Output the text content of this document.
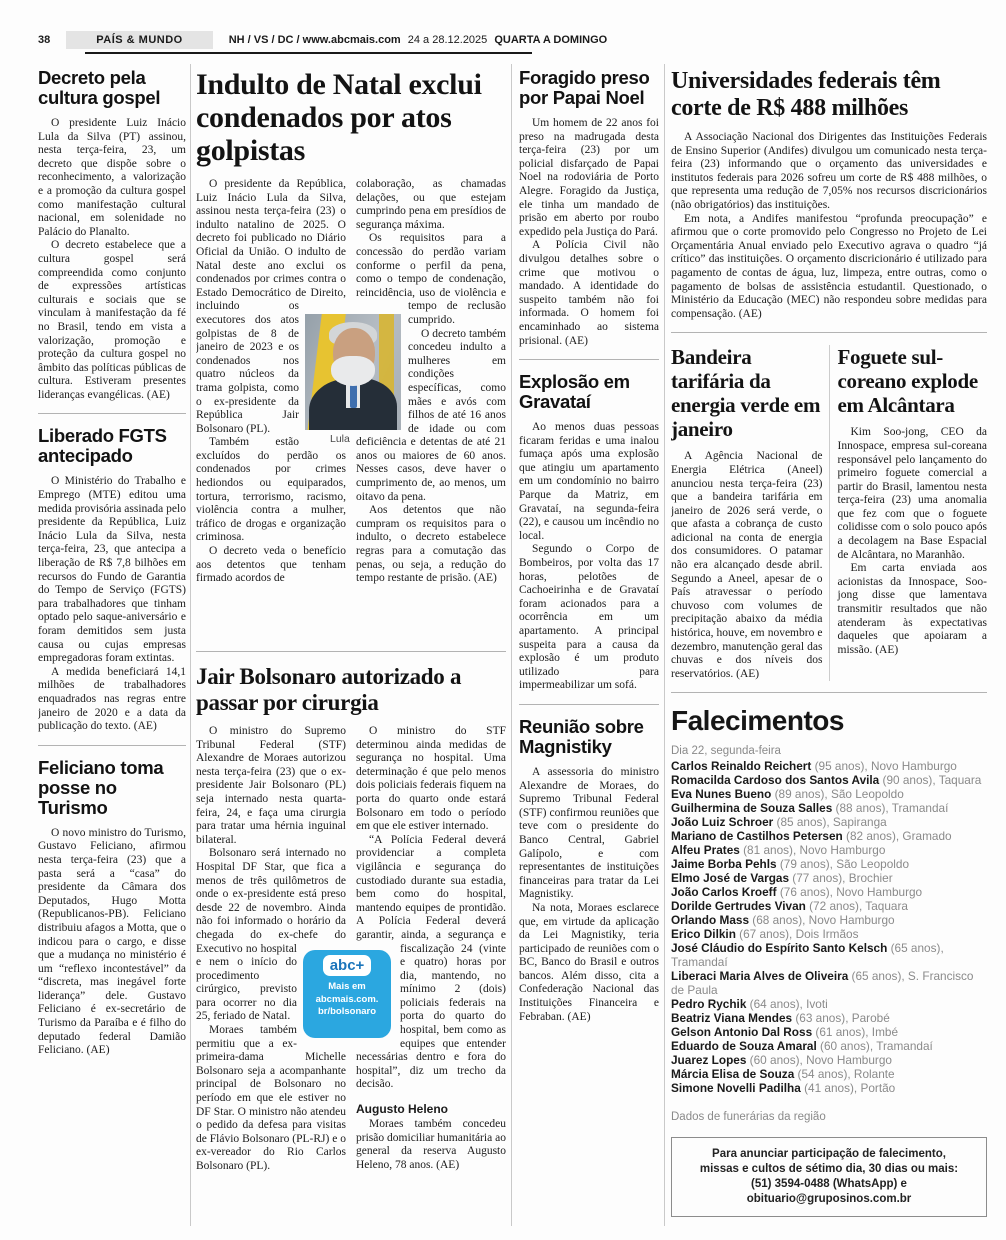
38	PAÍS & MUNDO	NH / VS / DC / www.abcmais.com 24 a 28.12.2025 QUARTA A DOMINGO
Decreto pela cultura gospel

O presidente Luiz Inácio Lula da Silva (PT) assinou, nesta terça-feira, 23, um decreto que dispõe sobre o reconhecimento, a valorização e a promoção da cultura gospel como manifestação cultural nacional, em solenidade no Palácio do Planalto.

O decreto estabelece que a cultura gospel será compreendida como conjunto de expressões artísticas culturais e sociais que se vinculam à manifestação da fé no Brasil, tendo em vista a valorização, promoção e proteção da cultura gospel no âmbito das políticas públicas de cultura. Estiveram presentes lideranças evangélicas. (AE)

Liberado FGTS antecipado

O Ministério do Trabalho e Emprego (MTE) editou uma medida provisória assinada pelo presidente da República, Luiz Inácio Lula da Silva, nesta terça-feira, 23, que antecipa a liberação de R$ 7,8 bilhões em recursos do Fundo de Garantia do Tempo de Serviço (FGTS) para trabalhadores que tinham optado pelo saque-aniversário e foram demitidos sem justa causa ou cujas empresas empregadoras foram extintas.

A medida beneficiará 14,1 milhões de trabalhadores enquadrados nas regras entre janeiro de 2020 e a data da publicação do texto. (AE)

Feliciano toma posse no Turismo

O novo ministro do Turismo, Gustavo Feliciano, afirmou nesta terça-feira (23) que a pasta será a “casa” do presidente da Câmara dos Deputados, Hugo Motta (Republicanos-PB). Feliciano distribuiu afagos a Motta, que o indicou para o cargo, e disse que a mudança no ministério é um “reflexo incontestável” da “discreta, mas inegável forte liderança” dele. Gustavo Feliciano é ex-secretário de Turismo da Paraíba e é filho do deputado federal Damião Feliciano. (AE)

Indulto de Natal exclui condenados por atos golpistas

O presidente da República, Luiz Inácio Lula da Silva, assinou nesta terça-feira (23) o indulto natalino de 2025. O decreto foi publicado no Diário Oficial da União. O indulto de Natal deste ano exclui os condenados por crimes contra o Estado Democrático de Direito, incluindo os executores dos atos golpistas de 8 de janeiro de 2023 e os condenados nos quatro núcleos da trama golpista, como o ex-presidente da República Jair Bolsonaro (PL).

Também estão excluídos do perdão os condenados por crimes hediondos ou equiparados, tortura, terrorismo, racismo, violência contra a mulher, tráfico de drogas e organização criminosa.

O decreto veda o benefício aos detentos que tenham firmado acordos de

colaboração, as chamadas delações, ou que estejam cumprindo pena em presídios de segurança máxima.

Os requisitos para a concessão do perdão variam conforme o perfil da pena, como o tempo de condenação, reincidência, uso de violência e tempo de reclusão cumprido.

O decreto também concedeu indulto a mulheres em condições específicas, como mães e avós com filhos de até 16 anos de idade ou com deficiência e detentas de até 21 anos ou maiores de 60 anos. Nesses casos, deve haver o cumprimento de, ao menos, um oitavo da pena.

Aos detentos que não cumpram os requisitos para o indulto, o decreto estabelece regras para a comutação das penas, ou seja, a redução do tempo restante de prisão. (AE)

Lula
Jair Bolsonaro autorizado a passar por cirurgia

O ministro do Supremo Tribunal Federal (STF) Alexandre de Moraes autorizou nesta terça-feira (23) que o ex-presidente Jair Bolsonaro (PL) seja internado nesta quarta-feira, 24, e faça uma cirurgia para tratar uma hérnia inguinal bilateral.

Bolsonaro será internado no Hospital DF Star, que fica a menos de três quilômetros de onde o ex-presidente está preso desde 22 de novembro. Ainda não foi informado o horário da chegada do ex-chefe do Executivo no hospital e nem o início do procedimento cirúrgico, previsto para ocorrer no dia 25, feriado de Natal.

Moraes também permitiu que a ex-primeira-dama Michelle Bolsonaro seja a acompanhante principal de Bolsonaro no período em que ele estiver no DF Star. O ministro não atendeu o pedido da defesa para visitas de Flávio Bolsonaro (PL-RJ) e o ex-vereador do Rio Carlos Bolsonaro (PL).

O ministro do STF determinou ainda medidas de segurança no hospital. Uma determinação é que pelo menos dois policiais federais fiquem na porta do quarto onde estará Bolsonaro em todo o período em que ele estiver internado.

“A Polícia Federal deverá providenciar a completa vigilância e segurança do custodiado durante sua estadia, bem como do hospital, mantendo equipes de prontidão. A Polícia Federal deverá garantir, ainda, a segurança e fiscalização 24 (vinte e quatro) horas por dia, mantendo, no mínimo 2 (dois) policiais federais na porta do quarto do hospital, bem como as equipes que entender necessárias dentro e fora do hospital”, diz um trecho da decisão.

Augusto Heleno

Moraes também concedeu prisão domiciliar humanitária ao general da reserva Augusto Heleno, 78 anos. (AE)

abc+
Mais em
abcmais.com.
br/bolsonaro
Foragido preso por Papai Noel

Um homem de 22 anos foi preso na madrugada desta terça-feira (23) por um policial disfarçado de Papai Noel na rodoviária de Porto Alegre. Foragido da Justiça, ele tinha um mandado de prisão em aberto por roubo expedido pela Justiça do Pará.

A Polícia Civil não divulgou detalhes sobre o crime que motivou o mandado. A identidade do suspeito também não foi informada. O homem foi encaminhado ao sistema prisional. (AE)

Explosão em Gravataí

Ao menos duas pessoas ficaram feridas e uma inalou fumaça após uma explosão que atingiu um apartamento em um condomínio no bairro Parque da Matriz, em Gravataí, na segunda-feira (22), e causou um incêndio no local.

Segundo o Corpo de Bombeiros, por volta das 17 horas, pelotões de Cachoeirinha e de Gravataí foram acionados para a ocorrência em um apartamento. A principal suspeita para a causa da explosão é um produto utilizado para impermeabilizar um sofá.

Reunião sobre Magnistiky

A assessoria do ministro Alexandre de Moraes, do Supremo Tribunal Federal (STF) confirmou reuniões que teve com o presidente do Banco Central, Gabriel Galípolo, e com representantes de instituições financeiras para tratar da Lei Magnistiky.

Na nota, Moraes esclarece que, em virtude da aplicação da Lei Magnistiky, teria participado de reuniões com o BC, Banco do Brasil e outros bancos. Além disso, cita a Confederação Nacional das Instituições Financeira e Febraban. (AE)

Universidades federais têm corte de R$ 488 milhões

A Associação Nacional dos Dirigentes das Instituições Federais de Ensino Superior (Andifes) divulgou um comunicado nesta terça-feira (23) informando que o orçamento das universidades e institutos federais para 2026 sofreu um corte de R$ 488 milhões, o que representa uma redução de 7,05% nos recursos discricionários (não obrigatórios) das instituições.

Em nota, a Andifes manifestou “profunda preocupação” e afirmou que o corte promovido pelo Congresso no Projeto de Lei Orçamentária Anual enviado pelo Executivo agrava o quadro “já crítico” das instituições. O orçamento discricionário é utilizado para pagamento de contas de água, luz, limpeza, entre outras, como o pagamento de bolsas de assistência estudantil. Questionado, o Ministério da Educação (MEC) não respondeu sobre medidas para compensação. (AE)

Bandeira tarifária da energia verde em janeiro

A Agência Nacional de Energia Elétrica (Aneel) anunciou nesta terça-feira (23) que a bandeira tarifária em janeiro de 2026 será verde, o que afasta a cobrança de custo adicional na conta de energia dos consumidores. O patamar não era alcançado desde abril. Segundo a Aneel, apesar de o País atravessar o período chuvoso com volumes de precipitação abaixo da média histórica, houve, em novembro e dezembro, manutenção geral das chuvas e dos níveis dos reservatórios. (AE)

Foguete sul-coreano explode em Alcântara

Kim Soo-jong, CEO da Innospace, empresa sul-coreana responsável pelo lançamento do primeiro foguete comercial a partir do Brasil, lamentou nesta terça-feira (23) uma anomalia que fez com que o foguete colidisse com o solo pouco após a decolagem na Base Espacial de Alcântara, no Maranhão.

Em carta enviada aos acionistas da Innospace, Soo-jong disse que lamentava transmitir resultados que não atenderam às expectativas daqueles que apoiaram a missão. (AE)

Falecimentos
Dia 22, segunda-feira
Carlos Reinaldo Reichert (95 anos), Novo Hamburgo
Romacilda Cardoso dos Santos Avila (90 anos), Taquara
Eva Nunes Bueno (89 anos), São Leopoldo
Guilhermina de Souza Salles (88 anos), Tramandaí
João Luiz Schroer (85 anos), Sapiranga
Mariano de Castilhos Petersen (82 anos), Gramado
Alfeu Prates (81 anos), Novo Hamburgo
Jaime Borba Pehls (79 anos), São Leopoldo
Elmo José de Vargas (77 anos), Brochier
João Carlos Kroeff (76 anos), Novo Hamburgo
Dorilde Gertrudes Vivan (72 anos), Taquara
Orlando Mass (68 anos), Novo Hamburgo
Erico Dilkin (67 anos), Dois Irmãos
José Cláudio do Espírito Santo Kelsch (65 anos), Tramandaí
Liberaci Maria Alves de Oliveira (65 anos), S. Francisco de Paula
Pedro Rychik (64 anos), Ivoti
Beatriz Viana Mendes (63 anos), Parobé
Gelson Antonio Dal Ross (61 anos), Imbé
Eduardo de Souza Amaral (60 anos), Tramandaí
Juarez Lopes (60 anos), Novo Hamburgo
Márcia Elisa de Souza (54 anos), Rolante
Simone Novelli Padilha (41 anos), Portão
Dados de funerárias da região
Para anunciar participação de falecimento,
missas e cultos de sétimo dia, 30 dias ou mais:
(51) 3594-0488 (WhatsApp) e obituario@gruposinos.com.br
